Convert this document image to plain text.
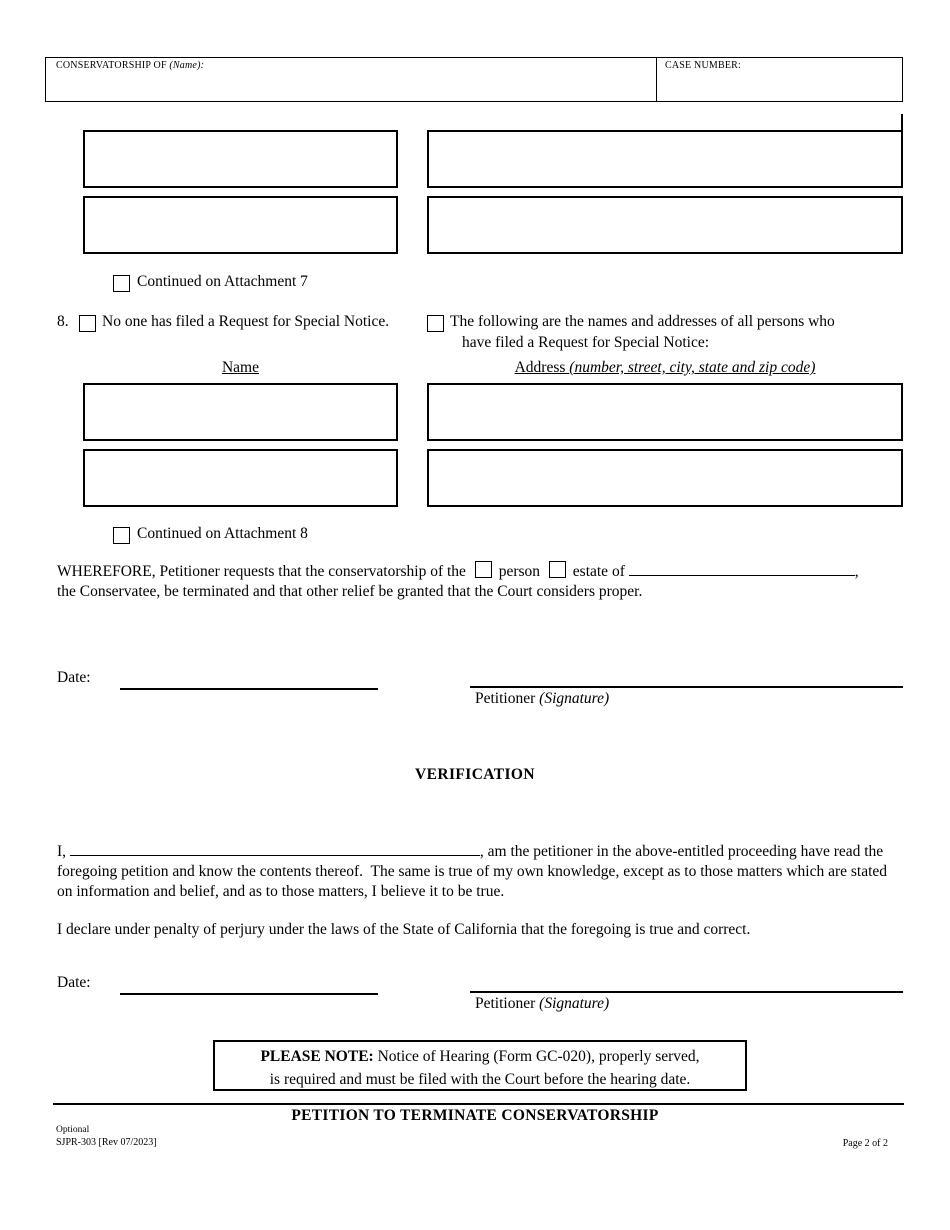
CONSERVATORSHIP OF (Name):	CASE NUMBER:
Continued on Attachment 7
8. No one has filed a Request for Special Notice.	The following are the names and addresses of all persons who
have filed a Request for Special Notice:
Name	Address (number, street, city, state and zip code)
Continued on Attachment 8
WHEREFORE, Petitioner requests that the conservatorship of the person estate of	,
the Conservatee, be terminated and that other relief be granted that the Court considers proper.
Date:
Petitioner (Signature)
VERIFICATION
I,	, am the petitioner in the above-entitled proceeding have read the foregoing petition and know the contents thereof.  The same is true of my own knowledge, except as to those matters which are stated on information and belief, and as to those matters, I believe it to be true.
I declare under penalty of perjury under the laws of the State of California that the foregoing is true and correct.
Date:
Petitioner (Signature)
PLEASE NOTE: Notice of Hearing (Form GC-020), properly served,
is required and must be filed with the Court before the hearing date.
PETITION TO TERMINATE CONSERVATORSHIP
Optional
SJPR-303 [Rev 07/2023]	Page 2 of 2
